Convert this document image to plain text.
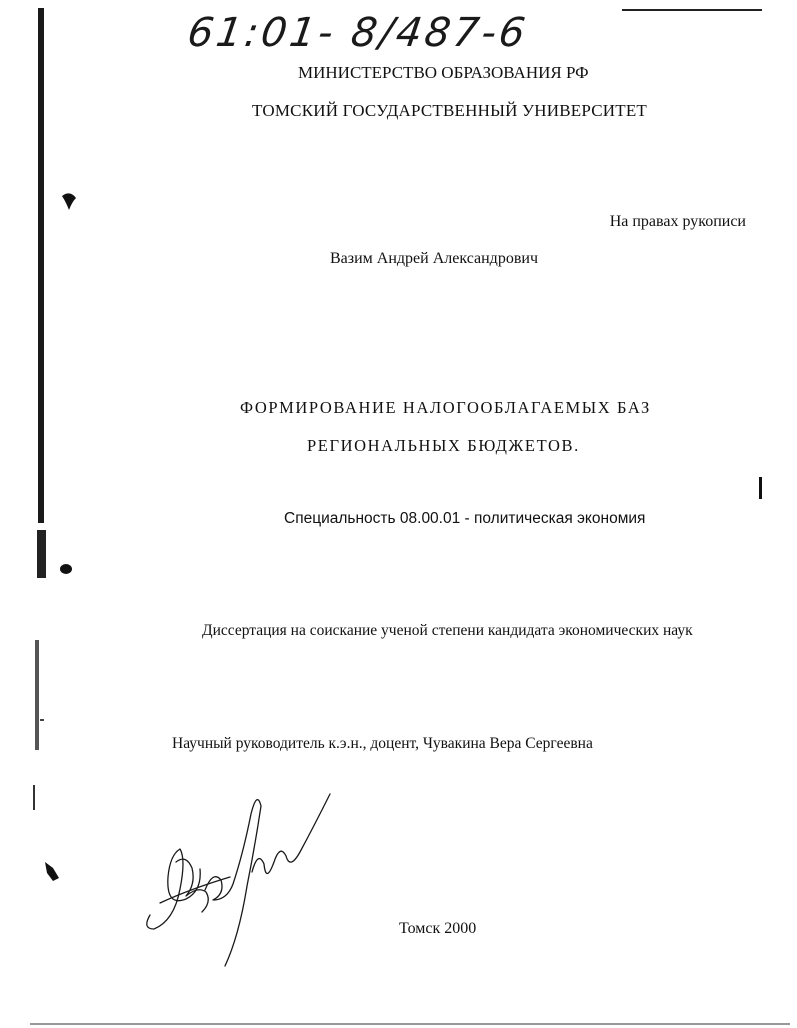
61:01- 8/487-6
МИНИСТЕРСТВО ОБРАЗОВАНИЯ РФ
ТОМСКИЙ ГОСУДАРСТВЕННЫЙ УНИВЕРСИТЕТ
На правах рукописи
Вазим Андрей Александрович
ФОРМИРОВАНИЕ НАЛОГООБЛАГАЕМЫХ БАЗ
РЕГИОНАЛЬНЫХ БЮДЖЕТОВ.
Специальность 08.00.01 - политическая экономия
Диссертация на соискание ученой степени кандидата экономических наук
Научный руководитель к.э.н., доцент, Чувакина Вера Сергеевна
Томск 2000
